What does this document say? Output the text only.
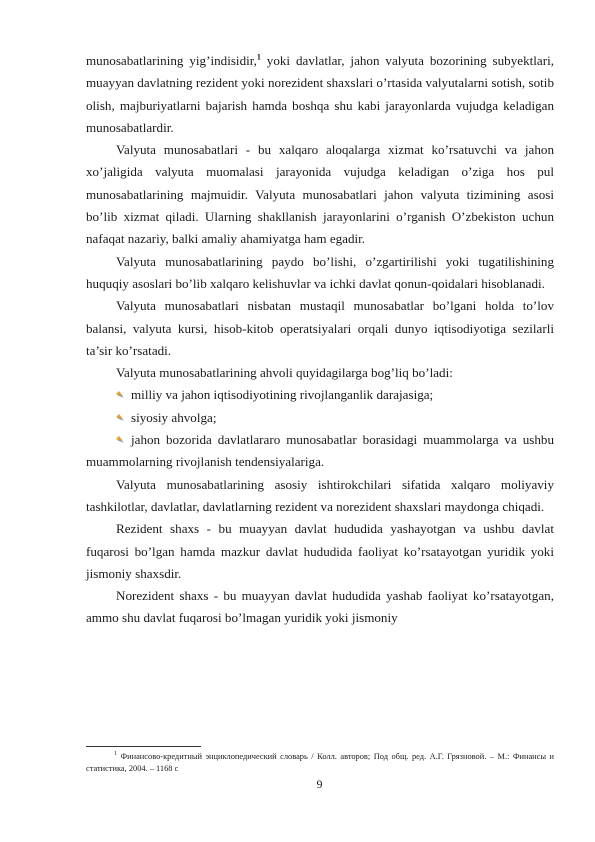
munosabatlarining yig’indisidir,$^1$ yoki davlatlar, jahon valyuta bozorining subyektlari, muayyan davlatning rezident yoki norezident shaxslari o’rtasida valyutalarni sotish, sotib olish, majburiyatlarni bajarish hamda boshqa shu kabi jarayonlarda vujudga keladigan munosabatlardir.

Valyuta munosabatlari - bu xalqaro aloqalarga xizmat ko’rsatuvchi va jahon xo’jaligida valyuta muomalasi jarayonida vujudga keladigan o’ziga hos pul munosabatlarining majmuidir. Valyuta munosabatlari jahon valyuta tizimining asosi bo’lib xizmat qiladi. Ularning shakllanish jarayonlarini o’rganish O’zbekiston uchun nafaqat nazariy, balki amaliy ahamiyatga ham egadir.

Valyuta munosabatlarining paydo bo’lishi, o’zgartirilishi yoki tugatilishining huquqiy asoslari bo’lib xalqaro kelishuvlar va ichki davlat qonun-qoidalari hisoblanadi.

Valyuta munosabatlari nisbatan mustaqil munosabatlar bo’lgani holda to’lov balansi, valyuta kursi, hisob-kitob operatsiyalari orqali dunyo iqtisodiyotiga sezilarli ta’sir ko’rsatadi.

Valyuta munosabatlarining ahvoli quyidagilarga bog’liq bo’ladi:

milliy va jahon iqtisodiyotining rivojlanganlik darajasiga;

siyosiy ahvolga;

jahon bozorida davlatlararo munosabatlar borasidagi muammolarga va ushbu muammolarning rivojlanish tendensiyalariga.

Valyuta munosabatlarining asosiy ishtirokchilari sifatida xalqaro moliyaviy tashkilotlar, davlatlar, davlatlarning rezident va norezident shaxslari maydonga chiqadi.

Rezident shaxs - bu muayyan davlat hududida yashayotgan va ushbu davlat fuqarosi bo’lgan hamda mazkur davlat hududida faoliyat ko’rsatayotgan yuridik yoki jismoniy shaxsdir.

Norezident shaxs - bu muayyan davlat hududida yashab faoliyat ko’rsatayotgan, ammo shu davlat fuqarosi bo’lmagan yuridik yoki jismoniy

$^1$ Финансово-кредитный энциклопедический словарь / Колл. авторов; Под общ. ред. А.Г. Грязновой. – М.: Финансы и статистика, 2004. – 1168 с
9
